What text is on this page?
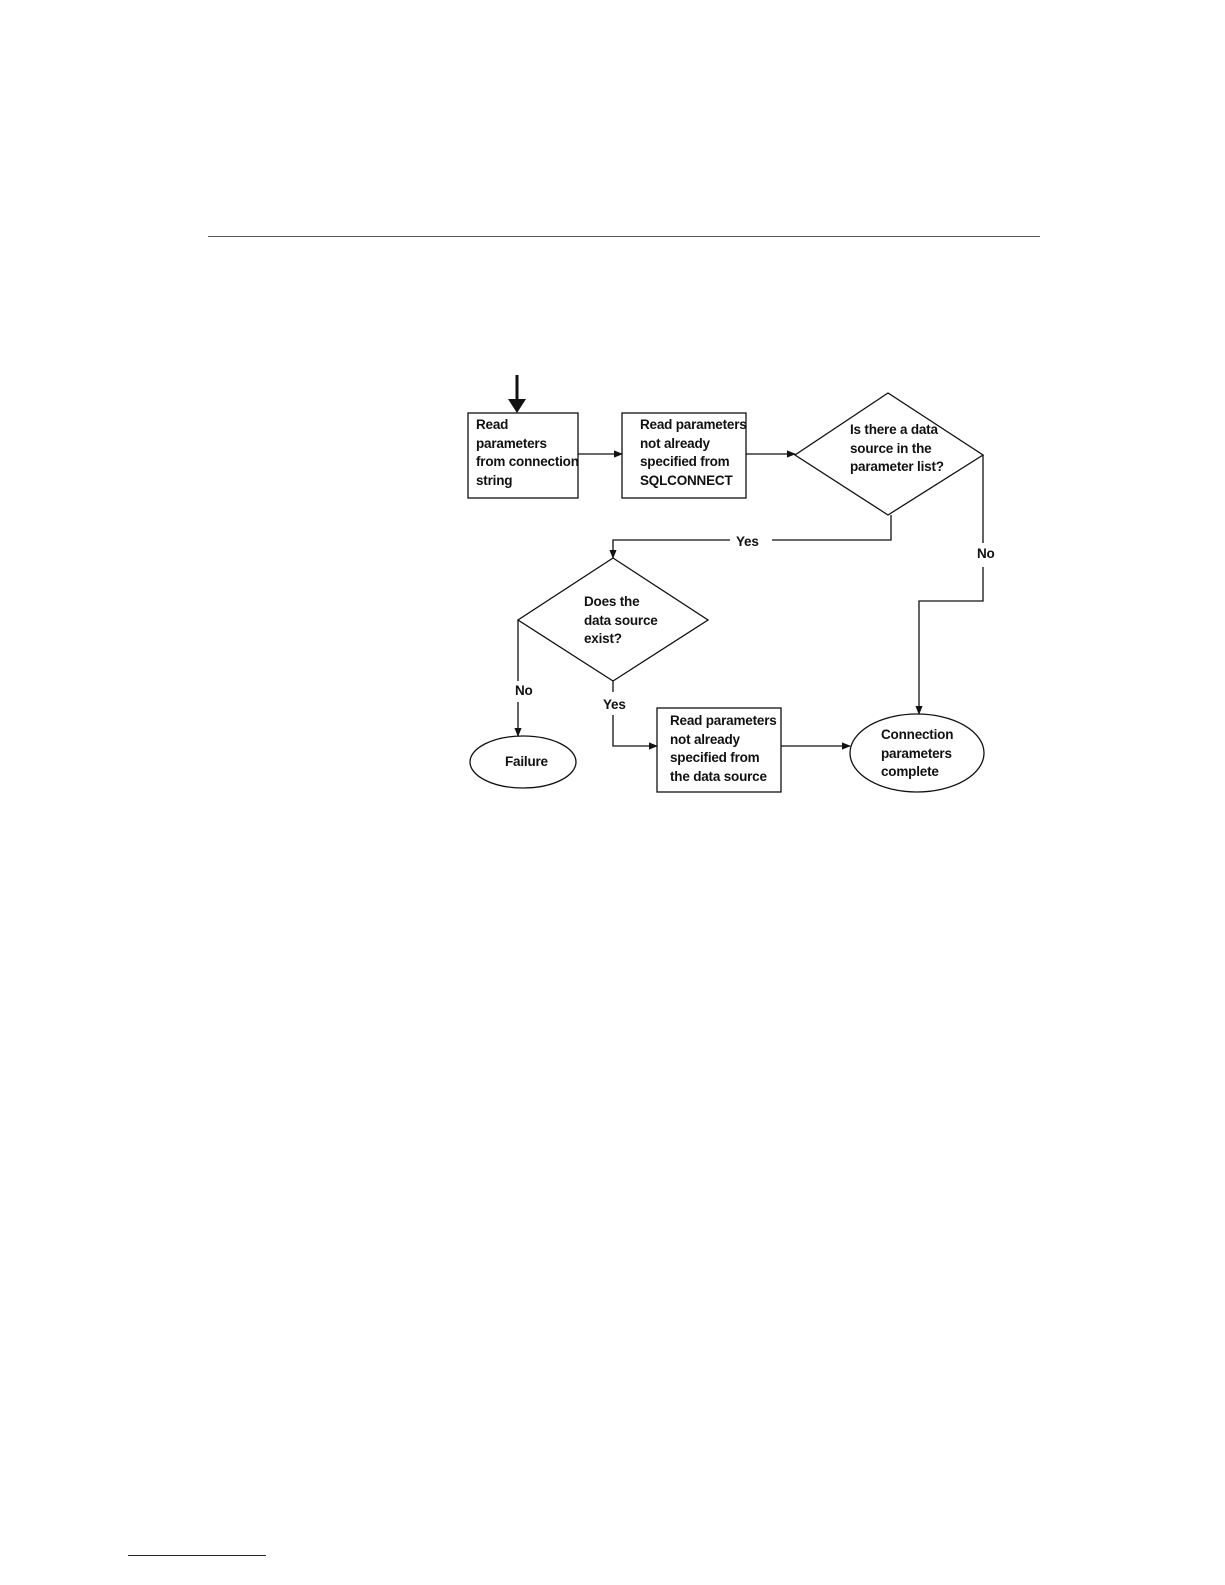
Read
parameters
from connection
string
Read parameters
not already
specified from
SQLCONNECT
Is there a data
source in the
parameter list?
Does the
data source
exist?
Read parameters
not already
specified from
the data source
Failure
Connection
parameters
complete
Yes
No
No
Yes
